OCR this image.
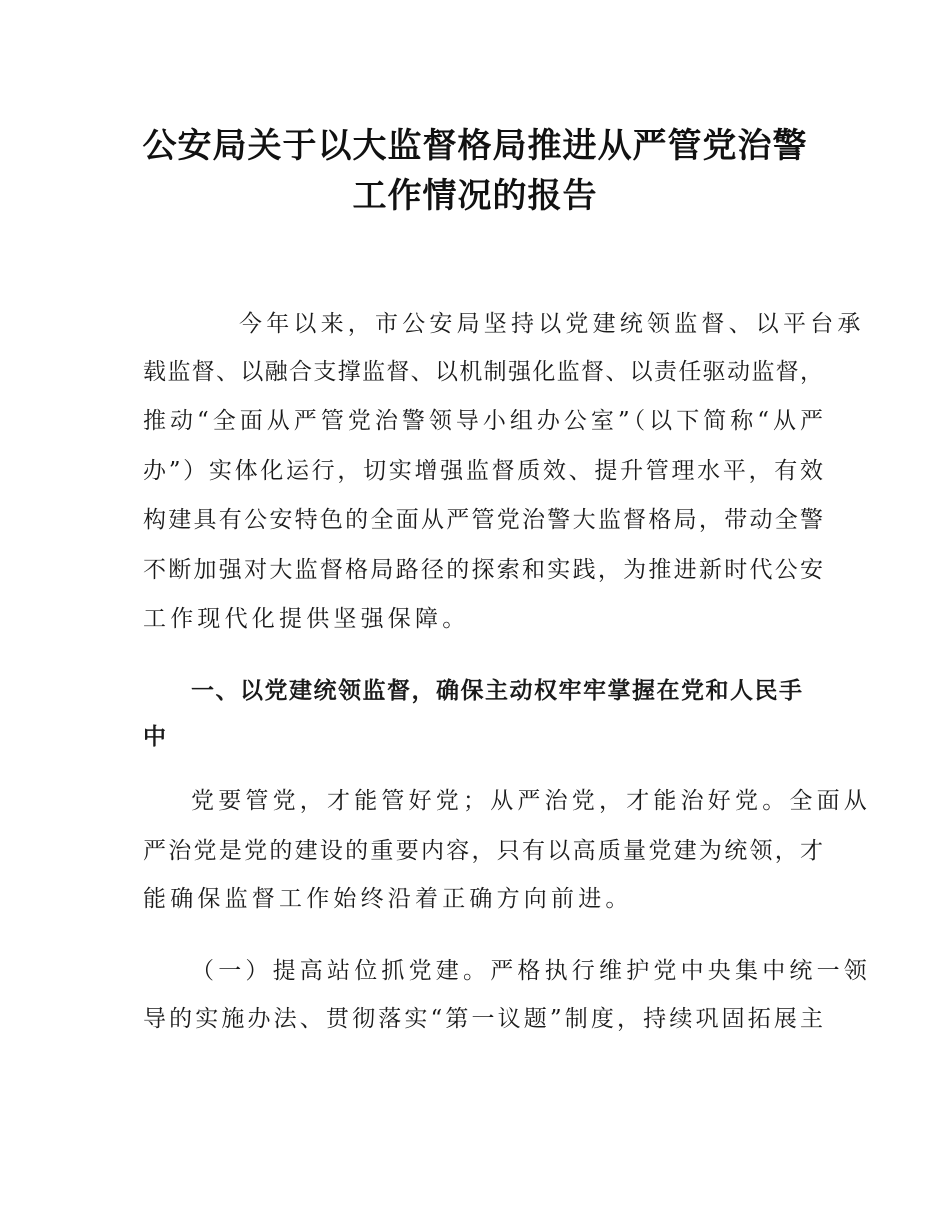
公安局关于以大监督格局推进从严管党治警
工作情况的报告
今年以来，市公安局坚持以党建统领监督、以平台承
载监督、以融合支撑监督、以机制强化监督、以责任驱动监督，
推动“全面从严管党治警领导小组办公室”（以下简称“从严
办”）实体化运行，切实增强监督质效、提升管理水平，有效
构建具有公安特色的全面从严管党治警大监督格局，带动全警
不断加强对大监督格局路径的探索和实践，为推进新时代公安
工作现代化提供坚强保障。
一、以党建统领监督，确保主动权牢牢掌握在党和人民手
中
党要管党，才能管好党；从严治党，才能治好党。全面从
严治党是党的建设的重要内容，只有以高质量党建为统领，才
能确保监督工作始终沿着正确方向前进。
（一）提高站位抓党建。严格执行维护党中央集中统一领
导的实施办法、贯彻落实“第一议题”制度，持续巩固拓展主
